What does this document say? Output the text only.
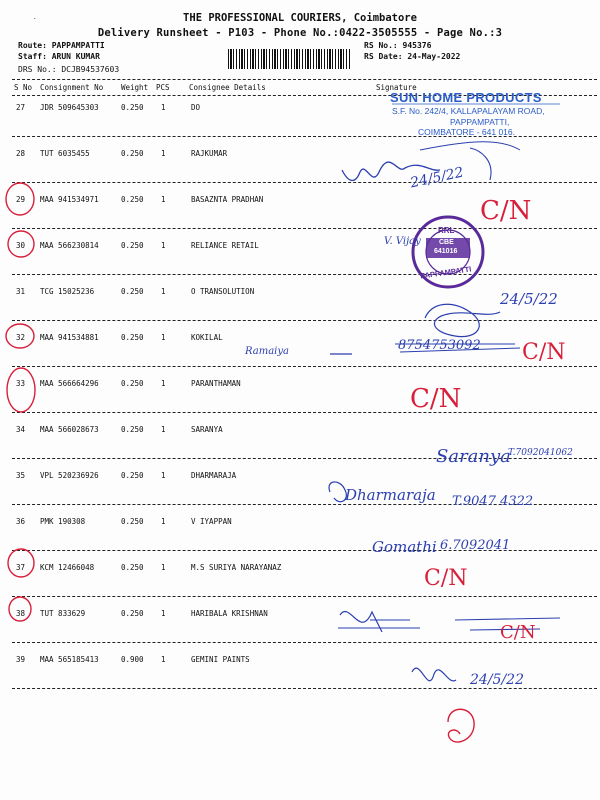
THE PROFESSIONAL COURIERS, Coimbatore
Delivery Runsheet - P103 - Phone No.:0422-3505555 - Page No.:3
.
Route: PAPPAMPATTI
Staff: ARUN KUMAR
DRS No.: DCJB94537603
RS No.: 945376
RS Date: 24-May-2022
S No Consignment No Weight PCS	Consignee Details	Signature
27 JDR 509645303	0.250 1	DO
28 TUT 6035455	0.250 1	RAJKUMAR
29 MAA 941534971	0.250 1	BASAZNTA PRADHAN
30 MAA 566230814	0.250 1	RELIANCE RETAIL
31 TCG 15025236	0.250 1	O TRANSOLUTION
32 MAA 941534881	0.250 1	KOKILAL
33 MAA 566664296	0.250 1	PARANTHAMAN
34 MAA 566028673	0.250 1	SARANYA
35 VPL 520236926	0.250 1	DHARMARAJA
36 PMK 190308	0.250 1	V IYAPPAN
37 KCM 12466048	0.250 1	M.S SURIYA NARAYANAZ
38 TUT 833629	0.250 1	HARIBALA KRISHNAN
39 MAA 565185413	0.900 1	GEMINI PAINTS
SUN HOME PRODUCTS
S.F. No. 242/4, KALLAPALAYAM ROAD,
PAPPAMPATTI,
COIMBATORE - 641 016.
RRL
CBE
641016
PAPPAMPATTI
24/5/22
C/N
V. Vijay
24/5/22
Ramaiya	8754753092 C/N
C/N
Saranya
T.7092041062
Dharmaraja T.9047 4322
Gomathi 6.7092041
C/N
C/N
24/5/22
